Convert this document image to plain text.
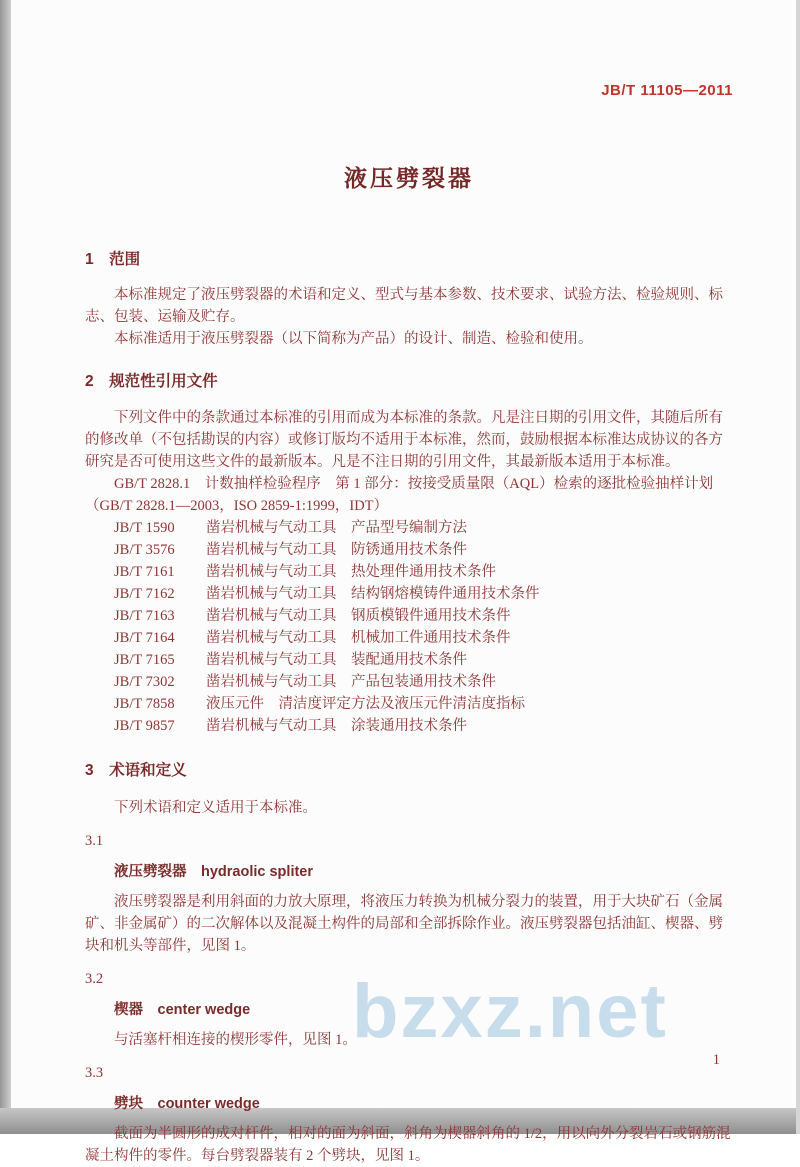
bzxz.net
JB/T 11105—2011
液压劈裂器
1　范围

本标准规定了液压劈裂器的术语和定义、型式与基本参数、技术要求、试验方法、检验规则、标志、包装、运输及贮存。

本标准适用于液压劈裂器（以下简称为产品）的设计、制造、检验和使用。

2　规范性引用文件

下列文件中的条款通过本标准的引用而成为本标准的条款。凡是注日期的引用文件，其随后所有的修改单（不包括勘误的内容）或修订版均不适用于本标准，然而，鼓励根据本标准达成协议的各方研究是否可使用这些文件的最新版本。凡是不注日期的引用文件，其最新版本适用于本标准。

GB/T 2828.1　计数抽样检验程序　第 1 部分：按接受质量限（AQL）检索的逐批检验抽样计划（GB/T 2828.1—2003，ISO 2859-1:1999，IDT）

JB/T 1590 凿岩机械与气动工具　产品型号编制方法
JB/T 3576 凿岩机械与气动工具　防锈通用技术条件
JB/T 7161 凿岩机械与气动工具　热处理件通用技术条件
JB/T 7162 凿岩机械与气动工具　结构钢熔模铸件通用技术条件
JB/T 7163 凿岩机械与气动工具　钢质模锻件通用技术条件
JB/T 7164 凿岩机械与气动工具　机械加工件通用技术条件
JB/T 7165 凿岩机械与气动工具　装配通用技术条件
JB/T 7302 凿岩机械与气动工具　产品包装通用技术条件
JB/T 7858 液压元件　清洁度评定方法及液压元件清洁度指标
JB/T 9857 凿岩机械与气动工具　涂装通用技术条件
3　术语和定义

下列术语和定义适用于本标准。

3.1
液压劈裂器　hydraolic spliter

液压劈裂器是利用斜面的力放大原理，将液压力转换为机械分裂力的装置，用于大块矿石（金属矿、非金属矿）的二次解体以及混凝土构件的局部和全部拆除作业。液压劈裂器包括油缸、楔器、劈块和机头等部件，见图 1。

3.2
楔器　center wedge

与活塞杆相连接的楔形零件，见图 1。

3.3
劈块　counter wedge

截面为半圆形的成对杆件，相对的面为斜面，斜角为楔器斜角的 1/2，用以向外分裂岩石或钢筋混凝土构件的零件。每台劈裂器装有 2 个劈块，见图 1。

1
